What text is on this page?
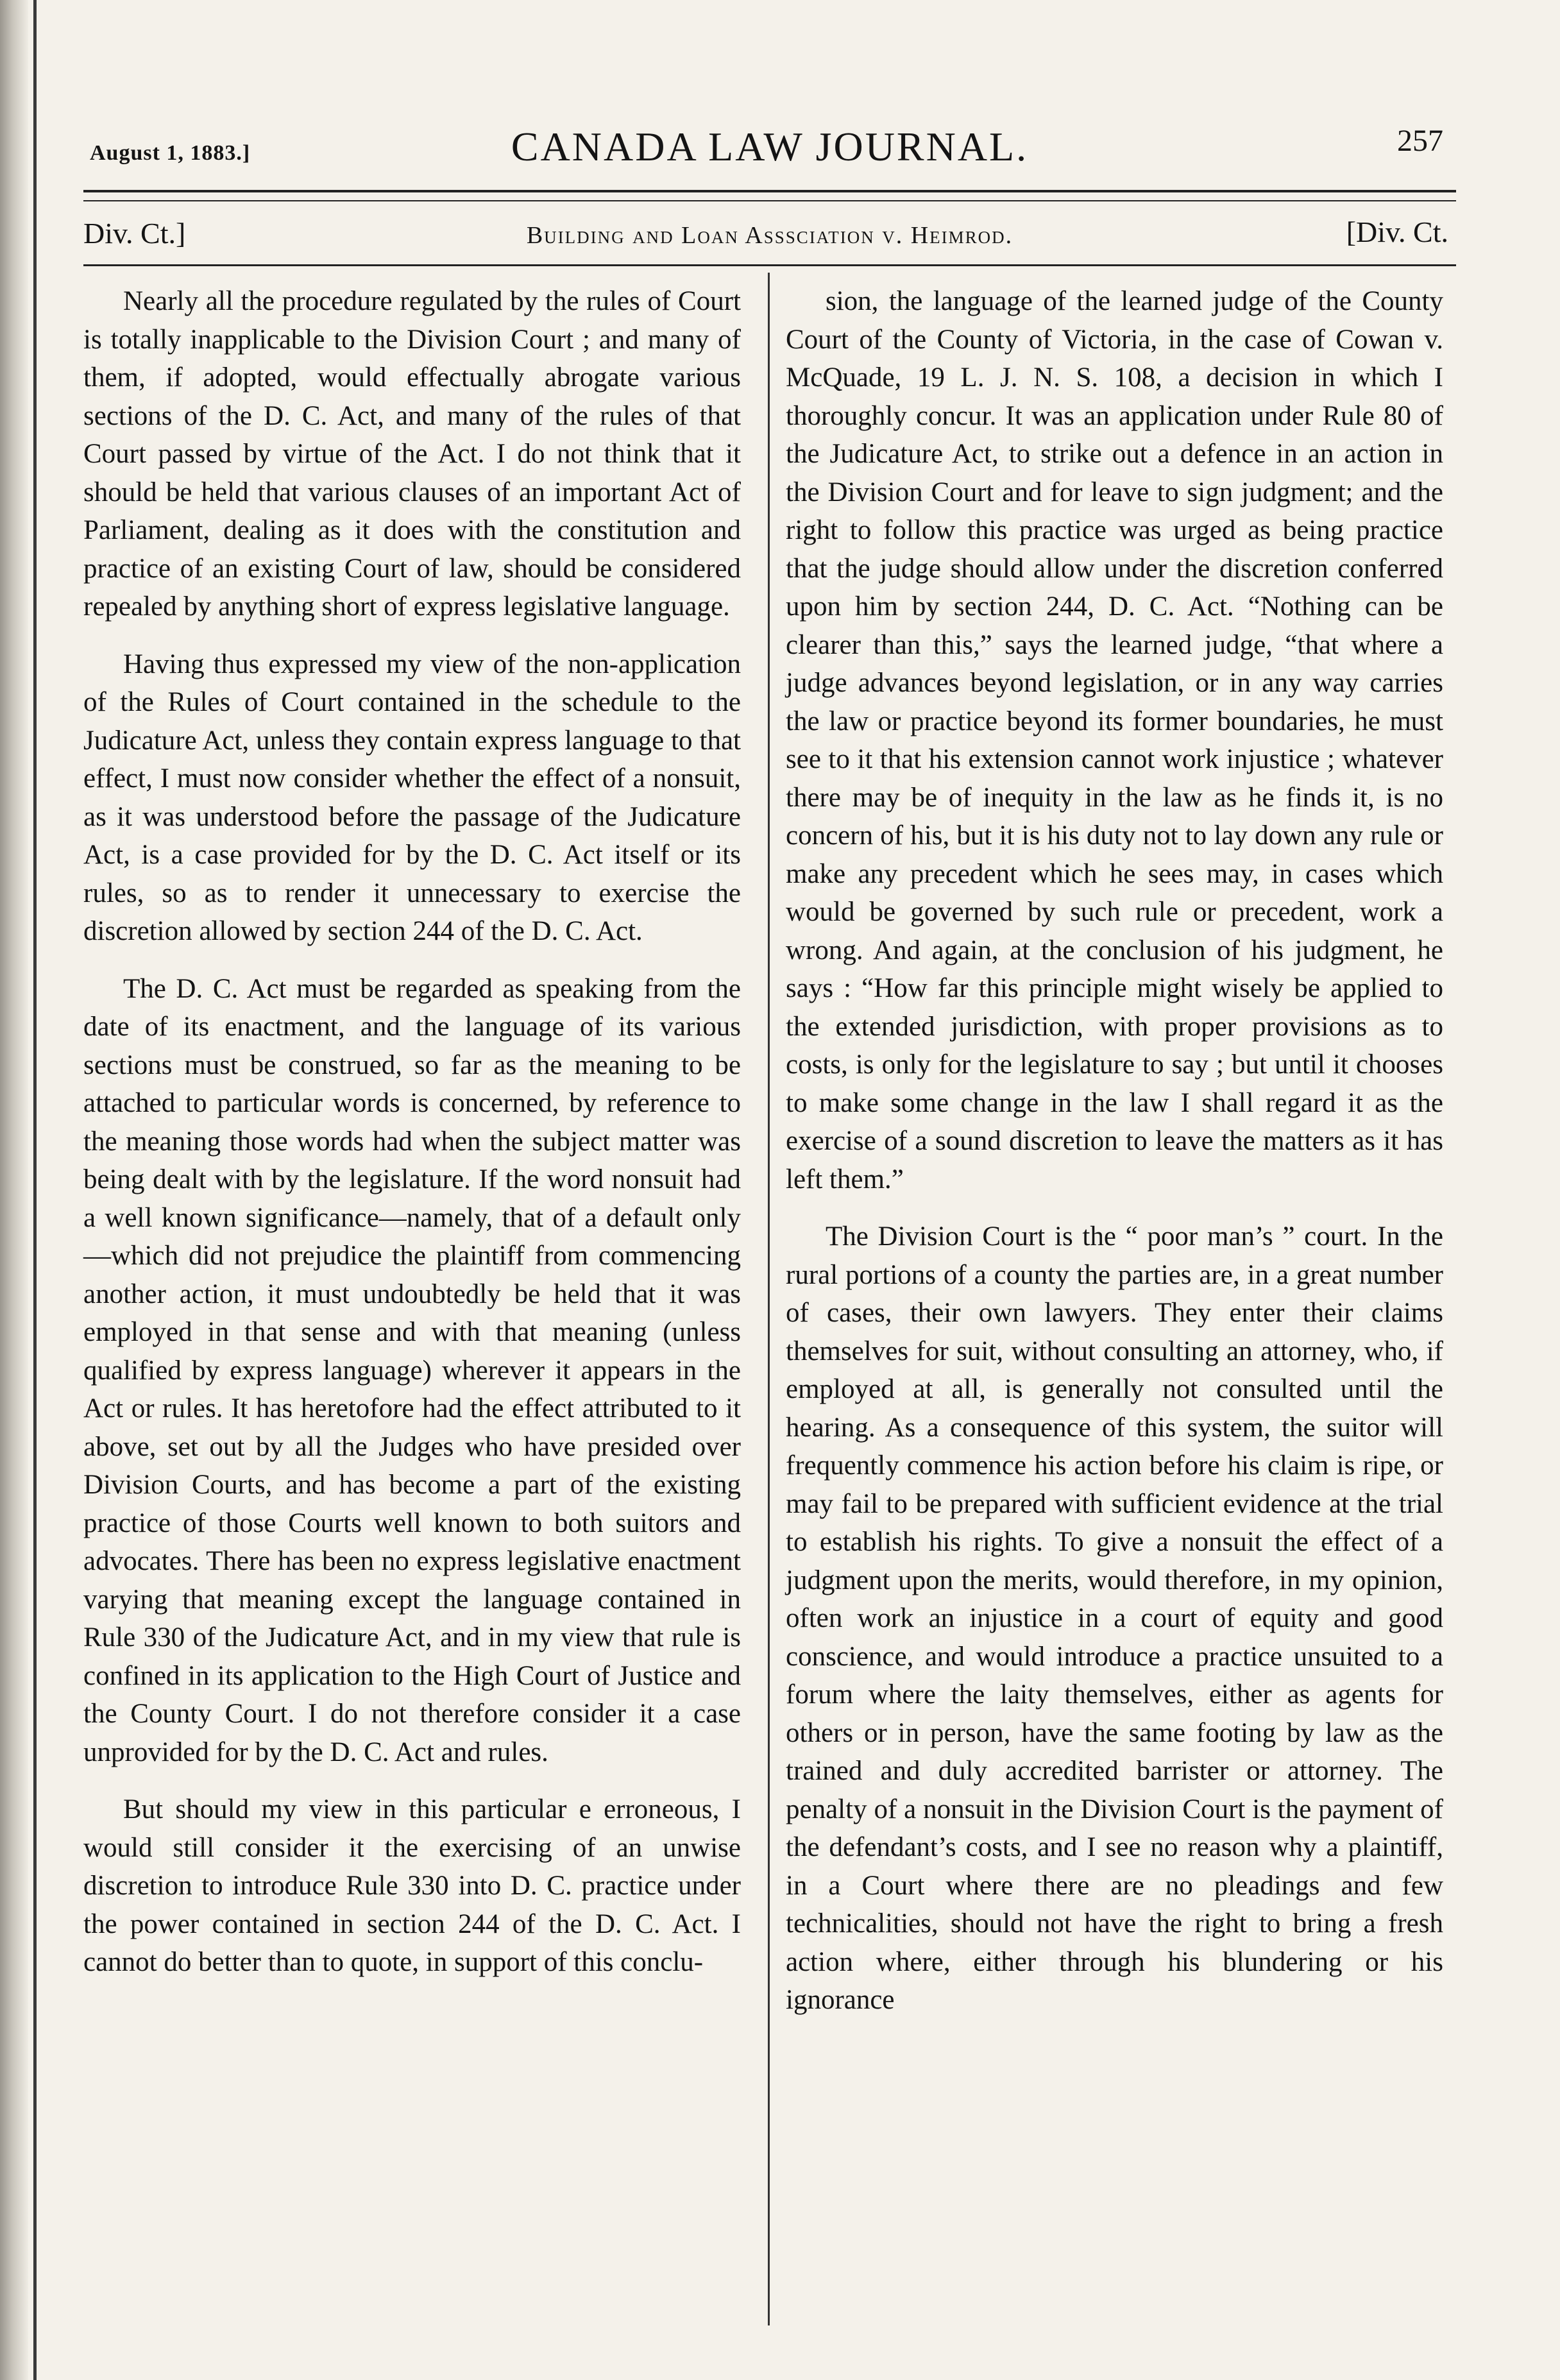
August 1, 1883.]	CANADA LAW JOURNAL.	257
Div. Ct.]	Building and Loan Asssciation v. Heimrod.	[Div. Ct.

Nearly all the procedure regulated by the rules of Court is totally inapplicable to the Division Court ; and many of them, if adopted, would effectually abrogate various sections of the D. C. Act, and many of the rules of that Court passed by virtue of the Act. I do not think that it should be held that various clauses of an important Act of Parliament, dealing as it does with the constitution and practice of an existing Court of law, should be considered repealed by anything short of express legislative language.

Having thus expressed my view of the non-application of the Rules of Court contained in the schedule to the Judicature Act, unless they contain express language to that effect, I must now consider whether the effect of a nonsuit, as it was understood before the passage of the Judicature Act, is a case provided for by the D. C. Act itself or its rules, so as to render it unnecessary to exercise the discretion allowed by section 244 of the D. C. Act.

The D. C. Act must be regarded as speaking from the date of its enactment, and the language of its various sections must be construed, so far as the meaning to be attached to particular words is concerned, by reference to the meaning those words had when the subject matter was being dealt with by the legislature. If the word nonsuit had a well known significance—namely, that of a default only—which did not prejudice the plaintiff from commencing another action, it must undoubtedly be held that it was employed in that sense and with that meaning (unless qualified by express language) wherever it appears in the Act or rules. It has heretofore had the effect attributed to it above, set out by all the Judges who have presided over Division Courts, and has become a part of the existing practice of those Courts well known to both suitors and advocates. There has been no express legislative enactment varying that meaning except the language contained in Rule 330 of the Judicature Act, and in my view that rule is confined in its application to the High Court of Justice and the County Court. I do not therefore consider it a case unprovided for by the D. C. Act and rules.

But should my view in this particular e erroneous, I would still consider it the exercising of an unwise discretion to introduce Rule 330 into D. C. practice under the power contained in section 244 of the D. C. Act. I cannot do better than to quote, in support of this conclu-

sion, the language of the learned judge of the County Court of the County of Victoria, in the case of Cowan v. McQuade, 19 L. J. N. S. 108, a decision in which I thoroughly concur. It was an application under Rule 80 of the Judicature Act, to strike out a defence in an action in the Division Court and for leave to sign judgment; and the right to follow this practice was urged as being practice that the judge should allow under the discretion conferred upon him by section 244, D. C. Act. “Nothing can be clearer than this,” says the learned judge, “that where a judge advances beyond legislation, or in any way carries the law or practice beyond its former boundaries, he must see to it that his extension cannot work injustice ; whatever there may be of inequity in the law as he finds it, is no concern of his, but it is his duty not to lay down any rule or make any precedent which he sees may, in cases which would be governed by such rule or precedent, work a wrong. And again, at the conclusion of his judgment, he says : “How far this principle might wisely be applied to the extended jurisdiction, with proper provisions as to costs, is only for the legislature to say ; but until it chooses to make some change in the law I shall regard it as the exercise of a sound discretion to leave the matters as it has left them.”

The Division Court is the “ poor man’s ” court. In the rural portions of a county the parties are, in a great number of cases, their own lawyers. They enter their claims themselves for suit, without consulting an attorney, who, if employed at all, is generally not consulted until the hearing. As a consequence of this system, the suitor will frequently commence his action before his claim is ripe, or may fail to be prepared with sufficient evidence at the trial to establish his rights. To give a nonsuit the effect of a judgment upon the merits, would therefore, in my opinion, often work an injustice in a court of equity and good conscience, and would introduce a practice unsuited to a forum where the laity themselves, either as agents for others or in person, have the same footing by law as the trained and duly accredited barrister or attorney. The penalty of a nonsuit in the Division Court is the payment of the defendant’s costs, and I see no reason why a plaintiff, in a Court where there are no pleadings and few technicalities, should not have the right to bring a fresh action where, either through his blundering or his ignorance
